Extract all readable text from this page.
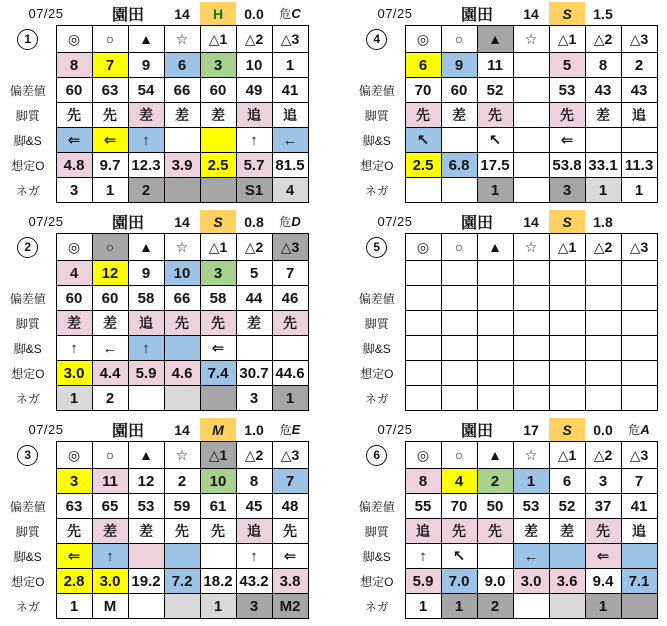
07/25		園田		14	H	0.0	危C
1	◎	○	▲	☆	△1	△2	△3
	8	7	9	6	3	10	1
偏差値	60	63	54	66	60	49	41
脚質	先	先	差	差	差	追	追
脚&S	⇐	⇐	↑			↑	←
想定O	4.8	9.7	12.3	3.9	2.5	5.7	81.5
ネガ	3	1	2			S1	4
07/25		園田		14	S	0.8	危D
2	◎	○	▲	☆	△1	△2	△3
	4	12	9	10	3	5	7
偏差値	60	60	58	66	58	44	46
脚質	差	差	追	先	先	差	先
脚&S	↑	←	↑		⇐		
想定O	3.0	4.4	5.9	4.6	7.4	30.7	44.6
ネガ	1	2				3	1
07/25		園田		14	M	1.0	危E
3	◎	○	▲	☆	△1	△2	△3
	3	11	12	2	10	8	7
偏差値	63	65	53	59	61	45	48
脚質	先	差	差	先	先	追	先
脚&S	⇐	↑				↑	⇐
想定O	2.8	3.0	19.2	7.2	18.2	43.2	3.8
ネガ	1	M			1	3	M2
07/25		園田		14	S	1.5	
4	◎	○	▲	☆	△1	△2	△3
	6	9	11		5	8	2
偏差値	70	60	52		53	43	43
脚質	先	差	先		先	差	追
脚&S	↖		↖		⇐		
想定O	2.5	6.8	17.5		53.8	33.1	11.3
ネガ			1		3	1	1
07/25		園田		14	S	1.8	
5	◎	○	▲	☆	△1	△2	△3

偏差値							
脚質							
脚&S							
想定O							
ネガ							
07/25		園田		17	S	0.0	危A
6	◎	○	▲	☆	△1	△2	△3
	8	4	2	1	6	3	7
偏差値	55	70	50	53	52	37	41
脚質	追	先	先	差	差	先	追
脚&S	↑	↖		←		⇐	
想定O	5.9	7.0	9.0	3.0	3.6	9.4	7.1
ネガ	1	1	2			1	
